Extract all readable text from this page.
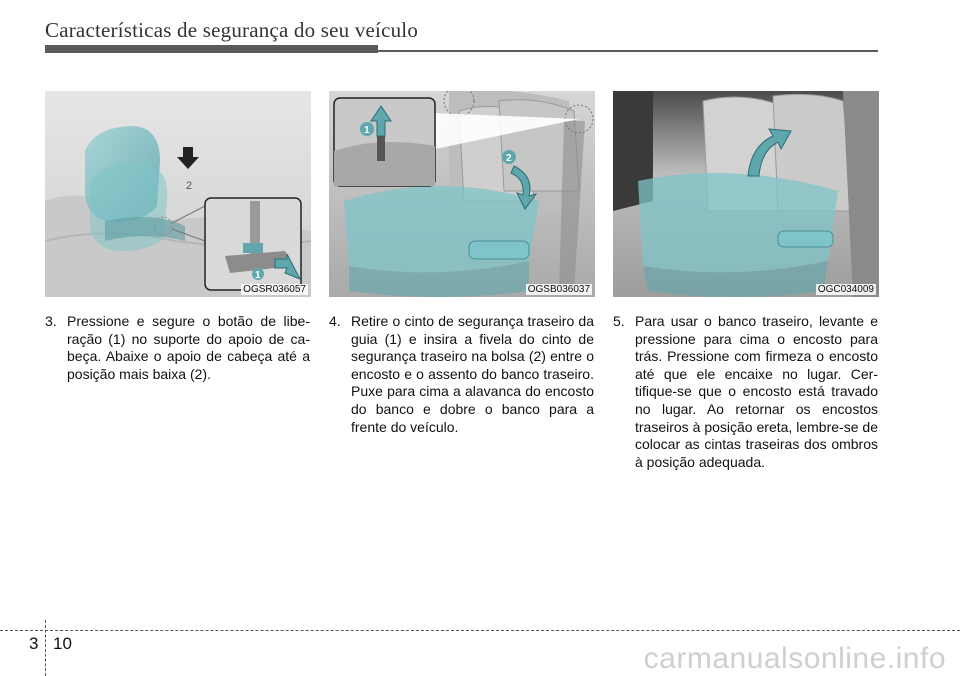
Características de segurança do seu veículo
2
1
OGSR036057
1
2
OGSB036037	OGC034009
3. Pressione e segure o botão de liberação (1) no suporte do apoio de cabeça. Abaixe o apoio de cabeça até a posição mais baixa (2).
4. Retire o cinto de segurança traseiro da guia (1) e insira a fivela do cinto de segurança traseiro na bolsa (2) entre o encosto e o assento do banco traseiro. Puxe para cima a alavanca do encosto do banco e dobre o banco para a frente do veículo.
5. Para usar o banco traseiro, levante e pressione para cima o encosto para trás. Pressione com firmeza o encosto até que ele encaixe no lugar. Certifique-se que o encosto está travado no lugar. Ao retornar os encostos traseiros à posição ereta, lembre-se de colocar as cintas traseiras dos ombros à posição adequada.
3 10	carmanualsonline.info
